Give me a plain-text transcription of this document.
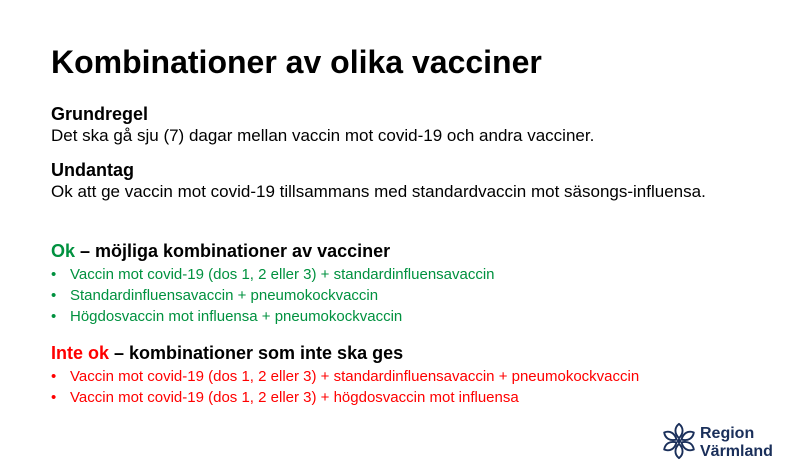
Kombinationer av olika vacciner
Grundregel
Det ska gå sju (7) dagar mellan vaccin mot covid-19 och andra vacciner.
Undantag
Ok att ge vaccin mot covid-19 tillsammans med standardvaccin mot säsongs-influensa.
Ok – möjliga kombinationer av vacciner
• Vaccin mot covid-19 (dos 1, 2 eller 3) + standardinfluensavaccin
• Standardinfluensavaccin + pneumokockvaccin
• Högdosvaccin mot influensa + pneumokockvaccin
Inte ok – kombinationer som inte ska ges
• Vaccin mot covid-19 (dos 1, 2 eller 3) + standardinfluensavaccin + pneumokockvaccin
• Vaccin mot covid-19 (dos 1, 2 eller 3) + högdosvaccin mot influensa
Region
Värmland
